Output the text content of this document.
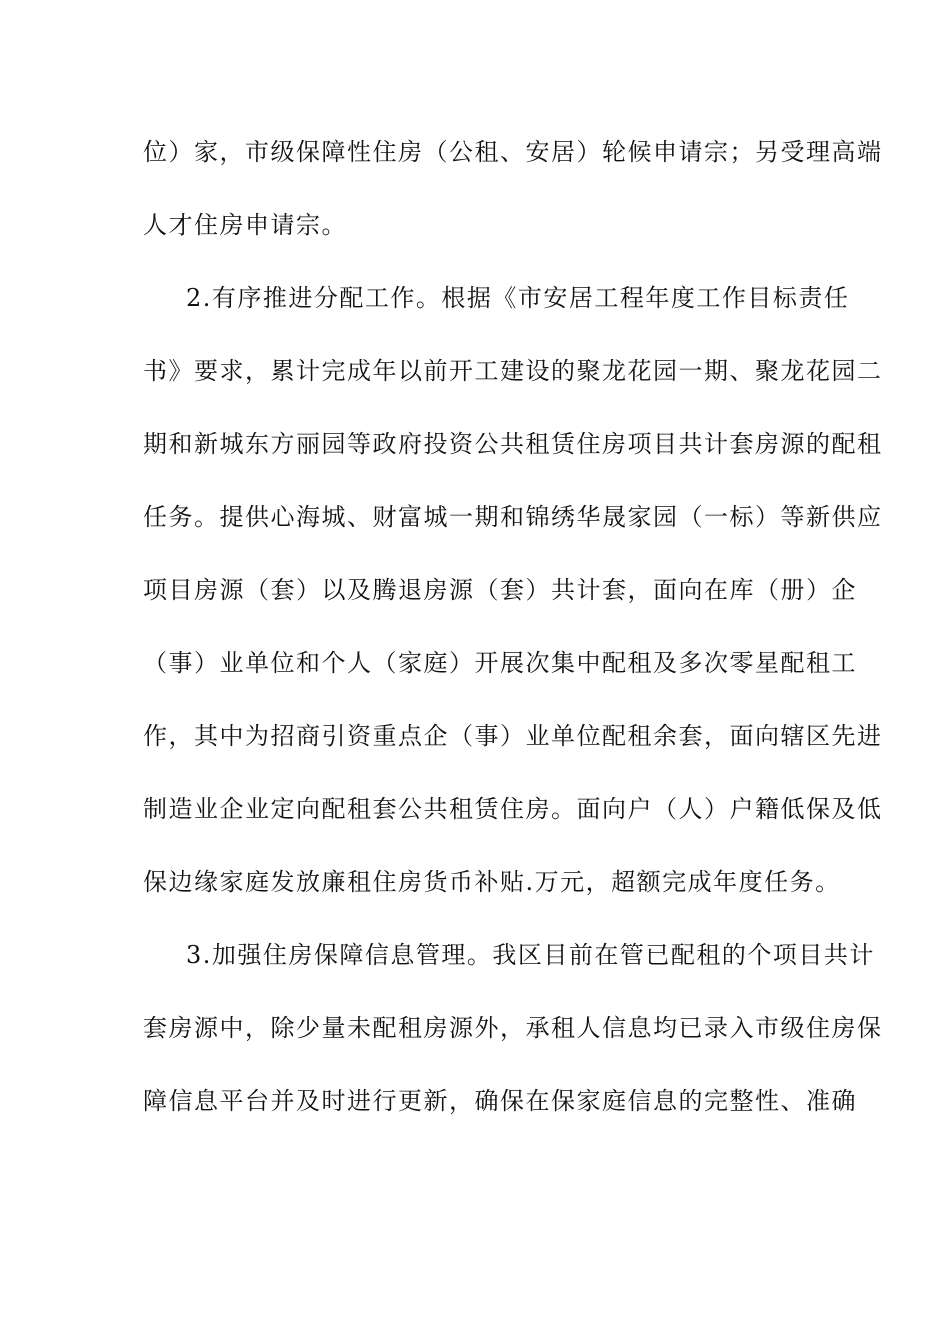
位）家，市级保障性住房（公租、安居）轮候申请宗；另受理高端
人才住房申请宗。
2.有序推进分配工作。根据《市安居工程年度工作目标责任
书》要求，累计完成年以前开工建设的聚龙花园一期、聚龙花园二
期和新城东方丽园等政府投资公共租赁住房项目共计套房源的配租
任务。提供心海城、财富城一期和锦绣华晟家园（一标）等新供应
项目房源（套）以及腾退房源（套）共计套，面向在库（册）企
（事）业单位和个人（家庭）开展次集中配租及多次零星配租工
作，其中为招商引资重点企（事）业单位配租余套，面向辖区先进
制造业企业定向配租套公共租赁住房。面向户（人）户籍低保及低
保边缘家庭发放廉租住房货币补贴.万元，超额完成年度任务。
3.加强住房保障信息管理。我区目前在管已配租的个项目共计
套房源中，除少量未配租房源外，承租人信息均已录入市级住房保
障信息平台并及时进行更新，确保在保家庭信息的完整性、准确
